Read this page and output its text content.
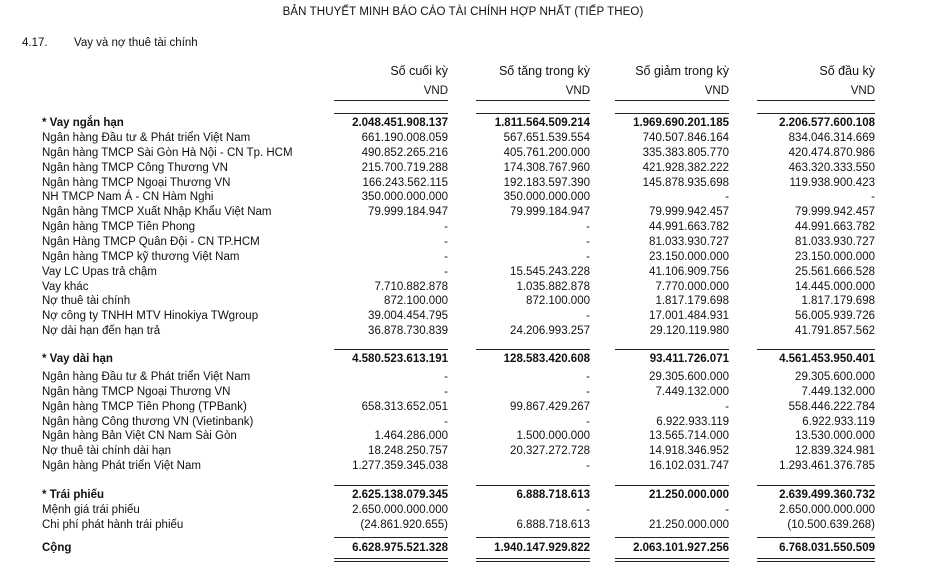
BẢN THUYẾT MINH BÁO CÁO TÀI CHÍNH HỢP NHẤT (TIẾP THEO)
4.17. Vay và nợ thuê tài chính
Số cuối kỳ	Số tăng trong kỳ	Số giảm trong kỳ	Số đầu kỳ
VND	VND	VND	VND
* Vay ngắn hạn	2.048.451.908.137	1.811.564.509.214	1.969.690.201.185	2.206.577.600.108
Ngân hàng Đầu tư & Phát triển Việt Nam	661.190.008.059	567.651.539.554	740.507.846.164	834.046.314.669
Ngân hàng TMCP Sài Gòn Hà Nội - CN Tp. HCM	490.852.265.216	405.761.200.000	335.383.805.770	420.474.870.986
Ngân hàng TMCP Công Thương VN	215.700.719.288	174.308.767.960	421.928.382.222	463.320.333.550
Ngân hàng TMCP Ngoại Thương VN	166.243.562.115	192.183.597.390	145.878.935.698	119.938.900.423
NH TMCP Nam Á - CN Hàm Nghi	350.000.000.000	350.000.000.000	-	-
Ngân hàng TMCP Xuất Nhập Khẩu Việt Nam	79.999.184.947	79.999.184.947	79.999.942.457	79.999.942.457
Ngân hàng TMCP Tiên Phong	-	-	44.991.663.782	44.991.663.782
Ngân Hàng TMCP Quân Đội - CN TP.HCM	-	-	81.033.930.727	81.033.930.727
Ngân hàng TMCP kỹ thương Việt Nam	-	-	23.150.000.000	23.150.000.000
Vay LC Upas trả chậm	-	15.545.243.228	41.106.909.756	25.561.666.528
Vay khác	7.710.882.878	1.035.882.878	7.770.000.000	14.445.000.000
Nợ thuê tài chính	872.100.000	872.100.000	1.817.179.698	1.817.179.698
Nợ công ty TNHH MTV Hinokiya TWgroup	39.004.454.795	-	17.001.484.931	56.005.939.726
Nợ dài hạn đến hạn trả	36.878.730.839	24.206.993.257	29.120.119.980	41.791.857.562
* Vay dài hạn	4.580.523.613.191	128.583.420.608	93.411.726.071	4.561.453.950.401
Ngân hàng Đầu tư & Phát triển Việt Nam	-	-	29.305.600.000	29.305.600.000
Ngân hàng TMCP Ngoại Thương VN	-	-	7.449.132.000	7.449.132.000
Ngân hàng TMCP Tiên Phong (TPBank)	658.313.652.051	99.867.429.267	-	558.446.222.784
Ngân hàng Công thương VN (Vietinbank)	-	-	6.922.933.119	6.922.933.119
Ngân hàng Bản Việt CN Nam Sài Gòn	1.464.286.000	1.500.000.000	13.565.714.000	13.530.000.000
Nợ thuê tài chính dài hạn	18.248.250.757	20.327.272.728	14.918.346.952	12.839.324.981
Ngân hàng Phát triển Việt Nam	1.277.359.345.038	-	16.102.031.747	1.293.461.376.785
* Trái phiếu	2.625.138.079.345	6.888.718.613	21.250.000.000	2.639.499.360.732
Mệnh giá trái phiếu	2.650.000.000.000	-	-	2.650.000.000.000
Chi phí phát hành trái phiếu	(24.861.920.655)	6.888.718.613	21.250.000.000	(10.500.639.268)
Cộng	6.628.975.521.328	1.940.147.929.822	2.063.101.927.256	6.768.031.550.509
